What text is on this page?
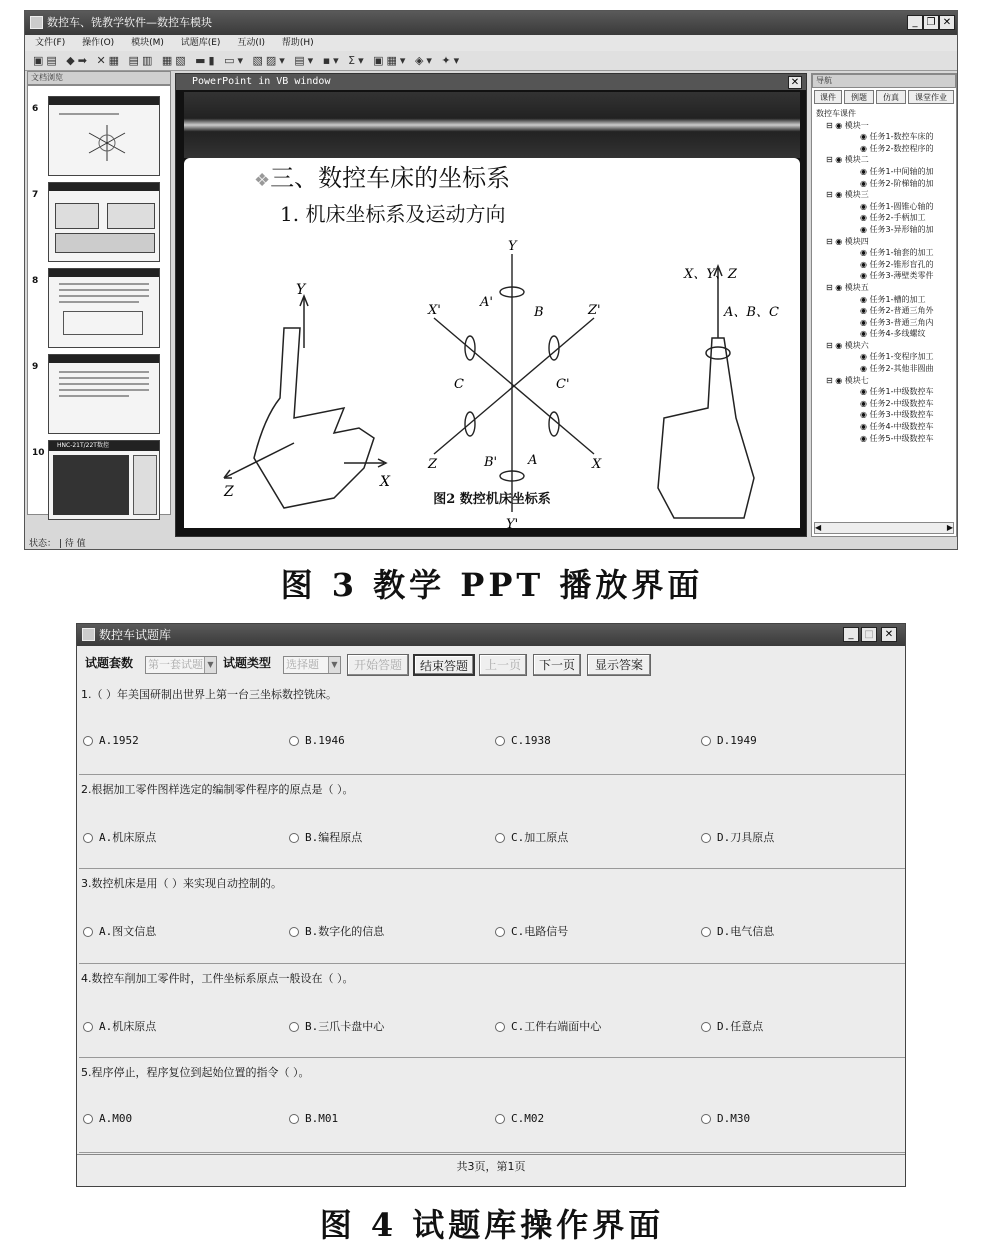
数控车、铣教学软件—数控车模块	_ ❐ ✕
文件(F) 操作(O) 模块(M) 试题库(E) 互动(I) 帮助(H)
▣▤ ◆➡ ✕▦ ▤▥ ▦▧ ▬▮ ▭▾ ▧▨▾ ▤▾ ▪▾ Σ▾ ▣▦▾ ◈▾ ✦▾
文档浏览
6
7
8
9
10
HNC-21T/22T数控
PowerPoint in VB window	✕
❖三、数控车床的坐标系
1. 机床坐标系及运动方向
Y
Z
X
Y
Y'
X'
X
Z
Z'
A
A'
B
B'
C	C'
X、Y、Z
A、B、C
图2 数控机床坐标系
导航
课件	例题	仿真	课堂作业
数控车课件
⊟ ◉ 模块一
◉ 任务1-数控车床的
◉ 任务2-数控程序的
⊟ ◉ 模块二
◉ 任务1-中间轴的加
◉ 任务2-阶梯轴的加
⊟ ◉ 模块三
◉ 任务1-圆锥心轴的
◉ 任务2-手柄加工
◉ 任务3-异形轴的加
⊟ ◉ 模块四
◉ 任务1-轴套的加工
◉ 任务2-锥形盲孔的
◉ 任务3-薄壁类零件
⊟ ◉ 模块五
◉ 任务1-槽的加工
◉ 任务2-普通三角外
◉ 任务3-普通三角内
◉ 任务4-多线螺纹
⊟ ◉ 模块六
◉ 任务1-变程序加工
◉ 任务2-其他非圆曲
⊟ ◉ 模块七
◉ 任务1-中级数控车
◉ 任务2-中级数控车
◉ 任务3-中级数控车
◉ 任务4-中级数控车
◉ 任务5-中级数控车
◀	▶
状态： | 待 值
图 3 教学 PPT 播放界面
数控车试题库	_	□	✕
试题套数 第一套试题 ▼ 试题类型 选择题	▼	开始答题	结束答题	上一页	下一页	显示答案
1.（ ）年美国研制出世界上第一台三坐标数控铣床。
A.1952	B.1946	C.1938	D.1949
2.根据加工零件图样选定的编制零件程序的原点是（ ）。
A.机床原点	B.编程原点	C.加工原点	D.刀具原点
3.数控机床是用（ ）来实现自动控制的。
A.图文信息	B.数字化的信息	C.电路信号	D.电气信息
4.数控车削加工零件时，工件坐标系原点一般设在（ ）。
A.机床原点	B.三爪卡盘中心	C.工件右端面中心	D.任意点
5.程序停止，程序复位到起始位置的指令（ ）。
A.M00	B.M01	C.M02	D.M30
共3页，第1页
图 4 试题库操作界面
